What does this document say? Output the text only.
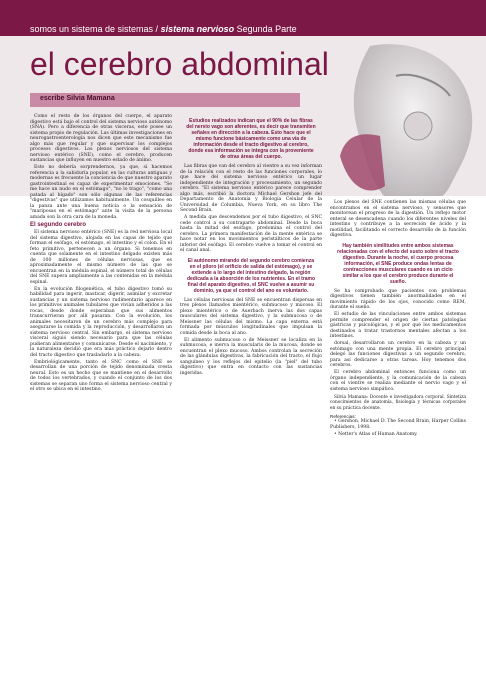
somos un sistema de sistemas / sistema nervioso Segunda Parte
el cerebro abdominal
escribe Silvia Mamana

Como el resto de los órganos del cuerpo, el aparato digestivo está bajo el control del sistema nervioso autónomo (SNA). Pero a diferencia de otras vísceras, este posee un sistema propio de regulación. Las últimas investigaciones en neurogastroenterología nos dicen que este mecanismo fue algo más que regular y que supervisar los complejos procesos digestivos. Los plexos nerviosos del sistema nervioso entérico (SNE), como el cerebro, producen sustancias que influyen en nuestro estado de ánimo.

Esto no debería sorprendernos, ya que, si hacemos referencia a la sabiduría popular, en las culturas antiguas y modernas es frecuente la conciencia de que nuestro aparato gastrointestinal es capaz de experimentar emociones. "Se me hace un nudo en el estómago", "no lo trago", "como una patada al hígado" son sólo algunas de las referencias "digestivas" que utilizamos habitualmente. Un cosquilleo en la panza ante una buena noticia o la sensación de "mariposas en el estómago" ante la visita de la persona amada son la otra cara de la moneda.

El segundo cerebro

El sistema nervioso entérico (SNE) es la red nerviosa local del sistema digestivo, alojada en las capas de tejido que forman el esófago, el estómago, el intestino y el colon. En el feto primitivo, pertenecen a un órgano. Si tenemos en cuenta que solamente en el intestino delgado existen más de 100 millones de células nerviosas, que es aproximadamente el mismo número de las que se encuentran en la médula espinal, el número total de células del SNE supera ampliamente a las contenidas en la médula espinal.

En la evolución filogenética, el tubo digestivo tomó su habilidad para ingerir, masticar, digerir, asimilar y excretar sustancias y un sistema nervioso rudimentario aparece en los primitivos animales tubulares que vivían adheridos a las rocas, desde donde esperaban que sus alimentos transcurrieran por allí pasaran. Con la evolución, los animales necesitaron de un cerebro más complejo para asegurarse la comida y la reproducción, y desarrollaron un sistema nervioso central. Sin embargo, el sistema nervioso visceral siguió siendo necesario para que las células pudieran alimentarse y comunicarse. Desde el nacimiento, y la naturaleza decidió que era más práctico dejarlo dentro del tracto digestivo que trasladarlo a la cabeza.

Embriológicamente, tanto el SNC como el SNE se desarrollan de una porción de tejido denominada cresta neural. Esto es un hecho que se mantiene en el desarrollo de todos los vertebrados, y cuando el conjunto de los dos sistemas se separan uno forma el sistema nervioso central y el otro se ubica en el intestino.

Estudios realizados indican que el 90% de las fibras del nervio vago son aferentes, es decir que transmiten señales en dirección a la cabeza. Esto hace que el mismo funcione básicamente como una vía de información desde el tracto digestivo al cerebro, donde esa información se integra con la proveniente de otras áreas del cuerpo.

Las fibras que van del cerebro al vientre a su vez informan de la relación con el resto de las funciones corporales, lo que hace del sistema nervioso entérico un lugar independiente de integración y procesamiento, un segundo cerebro. "El sistema nervioso entérico parece comprender algo más, escribió la doctora Michael Gershon jefe del Departamento de Anatomía y Biología Celular de la Universidad de Columbia, Nueva York, en su libro The Second Brain.

A medida que descendemos por el tubo digestivo, el SNC cede control a su contraparte abdominal. Desde la boca hasta la mitad del esófago, predomina el control del cerebro. La primera manifestación de la mente entérica se hace notar en los movimientos peristálticos de la parte inferior del esófago. El cerebro vuelve a tomar el control en el canal anal.

El autónomo mirando del segundo cerebro comienza en el píloro (el orificio de salida del estómago), y se extiende a lo largo del intestino delgado, la región dedicada a la absorción de los nutrientes. En el tramo final del aparato digestivo, el SNC vuelve a asumir su dominio, ya que el control del ano es voluntario.

Las células nerviosas del SNE se encuentran dispersas en tres plexos llamados mientérico, submucoso y mucoso. El plexo mientérico o de Auerbach inerva las dos capas musculares del sistema digestivo, y la submucosa o de Meissner las células del mismo. La capa externa está formada por músculos longitudinales que impulsan la comida desde la boca al ano.

El alimento submucoso o de Meissner se localiza en la submucosa, e inerva la muscularis de la mucosa, donde se encuentran el plexo mucoso. Ambos controlan la secreción de las glándulas digestivas, la fabricación del tracto, el flujo sanguíneo y los reflejos del epitelio (la "piel" del tubo digestivo) que entra en contacto con las sustancias ingeridas.

Los plexos del SNE contienen las mismas células que encontramos en el sistema nervioso, y sensores que monitorean el progreso de la digestión. Un reflejo motor enteral se desencadena cuando los diferentes niveles del intestino y contribuye a la secreción de ácido y la motilidad, facilitando el correcto desarrollo de la función digestiva.

Hay también similitudes entre ambos sistemas relacionadas con el efecto del susto sobre el tracto digestivo. Durante la noche, el cuerpo procesa información, el SNE produce ondas lentas de contracciones musculares cuando es un ciclo similar a los que el cerebro produce durante el sueño.

Se ha comprobado que pacientes con problemas digestivos tienen también anormalidades en el movimiento rápido de los ojos, conocido como REM, durante el sueño.

El estudio de las vinculaciones entre ambos sistemas permite comprender el origen de ciertas patologías gástricas y psicológicas, y el por qué los medicamentos destinados a tratar trastornos mentales afectan a los intestinos.

dorsal, desarrollaron un cerebro en la cabeza y un estómago con una mente propia. El cerebro principal delegó las funciones digestivas a un segundo cerebro, para así dedicarse a otras tareas. Hoy tenemos dos cerebros.

El cerebro abdominal entonces funciona como un órgano independiente, y la comunicación de la cabeza con el vientre se realiza mediante el nervio vago y el sistema nervioso simpático.

Silvia Mamana: Docente e investigadora corporal. Sintetiza conocimientos de anatomía, fisiología y técnicas corporales en su práctica docente.

Referencias:

• Gershon, Michael D. The Second Brain, Harper Collins Publishers, 1998.

• Netter's Atlas of Human Anatomy.
